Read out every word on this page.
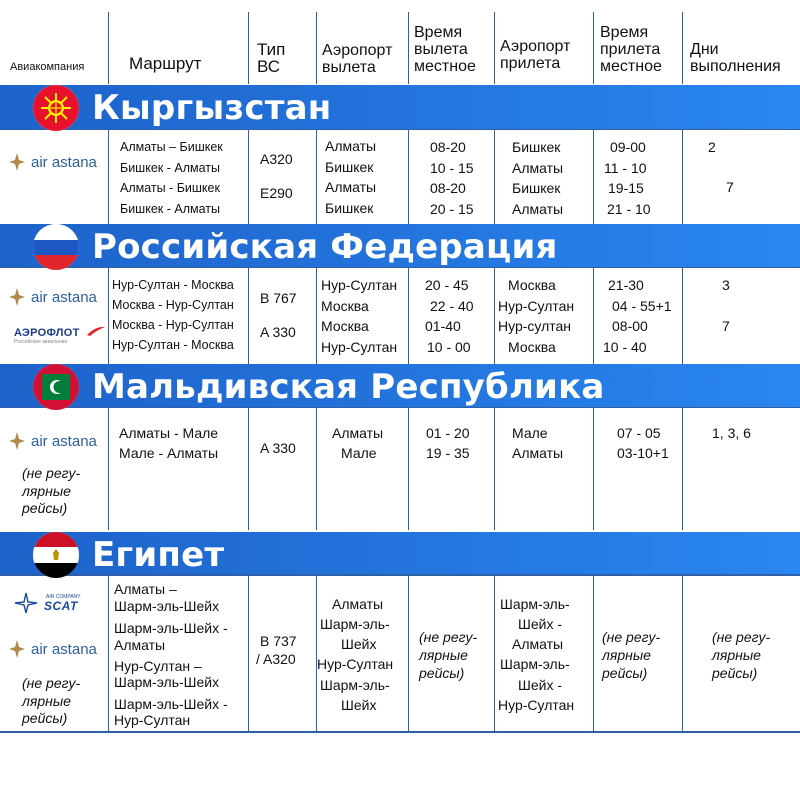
Авиакомпания	Маршрут
Тип
ВС
Аэропорт
вылета
Время
вылета
местное
Аэропорт
прилета
Время
прилета
местное
Дни
выполнения
Кыргызстан
air astana
Алматы – Бишкек
Бишкек - Алматы
Алматы - Бишкек
Бишкек - Алматы
A320
E290
Алматы
Бишкек
Алматы
Бишкек
08-20
10 - 15
08-20
20 - 15
Бишкек
Алматы
Бишкек
Алматы
09-00
11 - 10
19-15
21 - 10
2
7
Российская Федерация
air astana
АЭРОФЛОТ
Российские авиалинии
Нур-Султан - Москва
Москва - Нур-Султан
Москва - Нур-Султан
Нур-Султан - Москва
B 767
A 330
Нур-Султан
Москва
Москва
Нур-Султан
20 - 45
22 - 40
01-40
10 - 00
Москва
Нур-Султан
Нур-султан
Москва
21-30
04 - 55+1
08-00
10 - 40
3
7
Мальдивская Республика
air astana
(не регу-
лярные
рейсы)
Алматы - Мале
Мале - Алматы	A 330
Алматы
Мале
01 - 20
19 - 35
Мале
Алматы
07 - 05
03-10+1
1, 3, 6
Египет
AIR COMPANY
SCAT
air astana
(не регу-
лярные
рейсы)
Алматы –
Шарм-эль-Шейх
Шарм-эль-Шейх -
Алматы
Нур-Султан –
Шарм-эль-Шейх
Шарм-эль-Шейх -
Нур-Султан
B 737
/ A320
Алматы
Шарм-эль-
Шейх
Нур-Султан
Шарм-эль-
Шейх
(не регу-
лярные
рейсы)
Шарм-эль-
Шейх -
Алматы
Шарм-эль-
Шейх -
Нур-Султан
(не регу-
лярные
рейсы)
(не регу-
лярные
рейсы)
